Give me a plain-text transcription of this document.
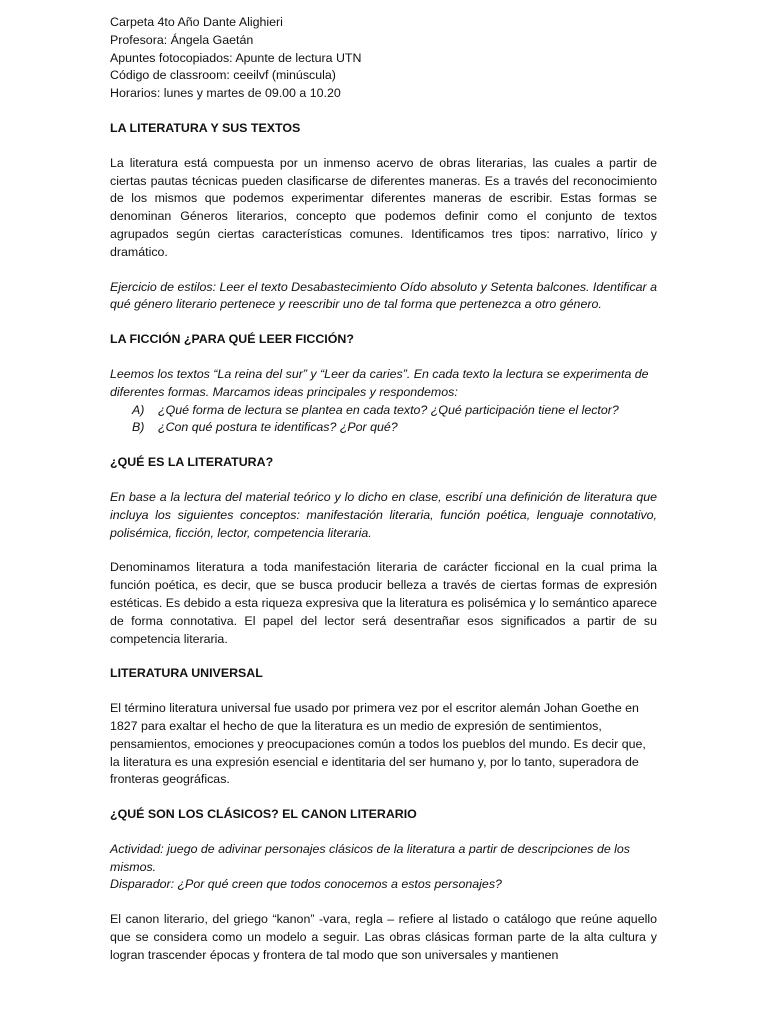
Carpeta 4to Año Dante Alighieri
Profesora: Ángela Gaetán
Apuntes fotocopiados: Apunte de lectura UTN
Código de classroom: ceeilvf (minúscula)
Horarios: lunes y martes de 09.00 a 10.20
LA LITERATURA Y SUS TEXTOS

La literatura está compuesta por un inmenso acervo de obras literarias, las cuales a partir de ciertas pautas técnicas pueden clasificarse de diferentes maneras. Es a través del reconocimiento de los mismos que podemos experimentar diferentes maneras de escribir. Estas formas se denominan Géneros literarios, concepto que podemos definir como el conjunto de textos agrupados según ciertas características comunes. Identificamos tres tipos: narrativo, lírico y dramático.

Ejercicio de estilos: Leer el texto Desabastecimiento Oído absoluto y Setenta balcones. Identificar a qué género literario pertenece y reescribir uno de tal forma que pertenezca a otro género.

LA FICCIÓN ¿PARA QUÉ LEER FICCIÓN?

Leemos los textos “La reina del sur” y “Leer da caries”. En cada texto la lectura se experimenta de diferentes formas. Marcamos ideas principales y respondemos:

A)	¿Qué forma de lectura se plantea en cada texto? ¿Qué participación tiene el lector?
B)	¿Con qué postura te identificas? ¿Por qué?
¿QUÉ ES LA LITERATURA?

En base a la lectura del material teórico y lo dicho en clase, escribí una definición de literatura que incluya los siguientes conceptos: manifestación literaria, función poética, lenguaje connotativo, polisémica, ficción, lector, competencia literaria.

Denominamos literatura a toda manifestación literaria de carácter ficcional en la cual prima la función poética, es decir, que se busca producir belleza a través de ciertas formas de expresión estéticas. Es debido a esta riqueza expresiva que la literatura es polisémica y lo semántico aparece de forma connotativa. El papel del lector será desentrañar esos significados a partir de su competencia literaria.

LITERATURA UNIVERSAL

El término literatura universal fue usado por primera vez por el escritor alemán Johan Goethe en 1827 para exaltar el hecho de que la literatura es un medio de expresión de sentimientos, pensamientos, emociones y preocupaciones común a todos los pueblos del mundo. Es decir que, la literatura es una expresión esencial e identitaria del ser humano y, por lo tanto, superadora de fronteras geográficas.

¿QUÉ SON LOS CLÁSICOS? EL CANON LITERARIO
Actividad: juego de adivinar personajes clásicos de la literatura a partir de descripciones de los mismos.

Disparador: ¿Por qué creen que todos conocemos a estos personajes?

El canon literario, del griego “kanon” -vara, regla – refiere al listado o catálogo que reúne aquello que se considera como un modelo a seguir. Las obras clásicas forman parte de la alta cultura y logran trascender épocas y frontera de tal modo que son universales y mantienen
